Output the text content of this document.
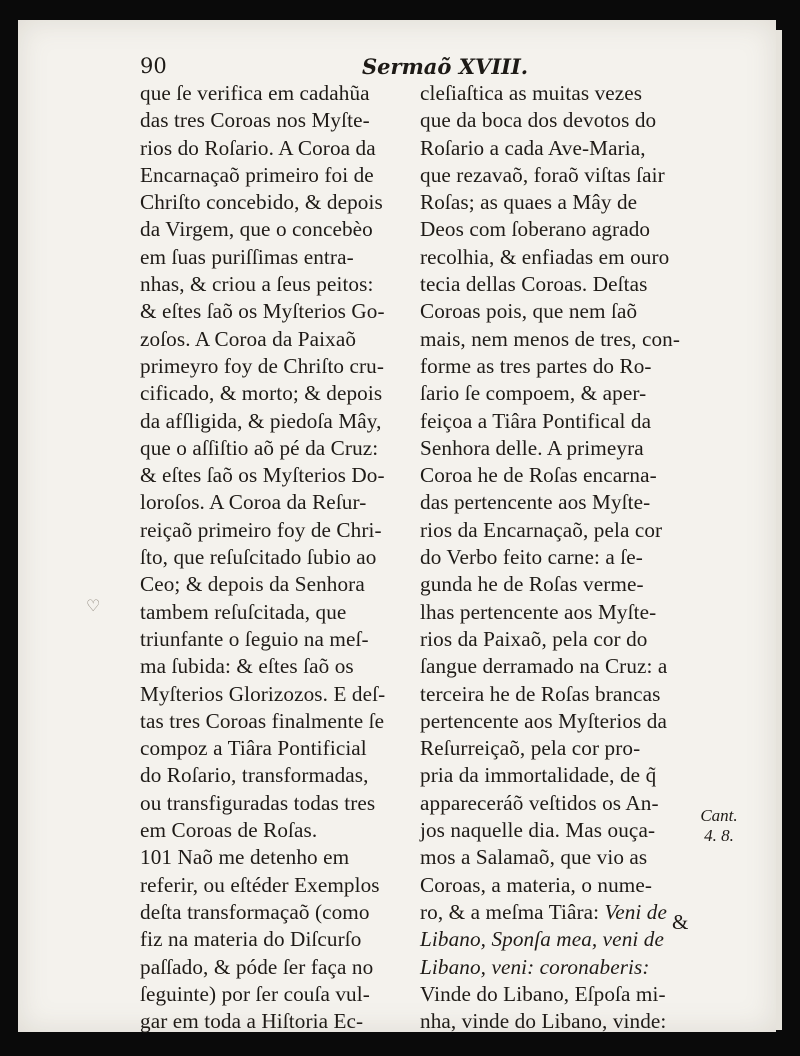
90	Sermaõ XVIII.
que ſe verifica em cadahũa
das tres Coroas nos Myſte-
rios do Roſario. A Coroa da
Encarnaçaõ primeiro foi de
Chriſto concebido, & depois
da Virgem, que o concebèo
em ſuas puriſſimas entra-
nhas, & criou a ſeus peitos:
& eſtes ſaõ os Myſterios Go-
zoſos. A Coroa da Paixaõ
primeyro foy de Chriſto cru-
cificado, & morto; & depois
da afſligida, & piedoſa Mây,
que o aſſiſtio aõ pé da Cruz:
& eſtes ſaõ os Myſterios Do-
loroſos. A Coroa da Reſur-
reiçaõ primeiro foy de Chri-
ſto, que reſuſcitado ſubio ao
Ceo; & depois da Senhora
tambem reſuſcitada, que
triunfante o ſeguio na meſ-
ma ſubida: & eſtes ſaõ os
Myſterios Glorizozos. E deſ-
tas tres Coroas finalmente ſe
compoz a Tiâra Pontificial
do Roſario, transformadas,
ou transfiguradas todas tres
em Coroas de Roſas.
101 Naõ me detenho em
referir, ou eſtéder Exemplos
deſta transformaçaõ (como
fiz na materia do Diſcurſo
paſſado, & póde ſer faça no
ſeguinte) por ſer couſa vul-
gar em toda a Hiſtoria Ec-
cleſiaſtica as muitas vezes
que da boca dos devotos do
Roſario a cada Ave-Maria,
que rezavaõ, foraõ viſtas ſair
Roſas; as quaes a Mây de
Deos com ſoberano agrado
recolhia, & enfiadas em ouro
tecia dellas Coroas. Deſtas
Coroas pois, que nem ſaõ
mais, nem menos de tres, con-
forme as tres partes do Ro-
ſario ſe compoem, & aper-
feiçoa a Tiâra Pontifical da
Senhora delle. A primeyra
Coroa he de Roſas encarna-
das pertencente aos Myſte-
rios da Encarnaçaõ, pela cor
do Verbo feito carne: a ſe-
gunda he de Roſas verme-
lhas pertencente aos Myſte-
rios da Paixaõ, pela cor do
ſangue derramado na Cruz: a
terceira he de Roſas brancas
pertencente aos Myſterios da
Reſurreiçaõ, pela cor pro-
pria da immortalidade, de q̃
appareceráõ veſtidos os An-
jos naquelle dia. Mas ouça-
mos a Salamaõ, que vio as
Coroas, a materia, o nume-
ro, & a meſma Tiâra: Veni de
Libano, Sponſa mea, veni de
Libano, veni: coronaberis:
Vinde do Libano, Eſpoſa mi-
nha, vinde do Libano, vinde:
Cant.
4. 8.
&
♡
